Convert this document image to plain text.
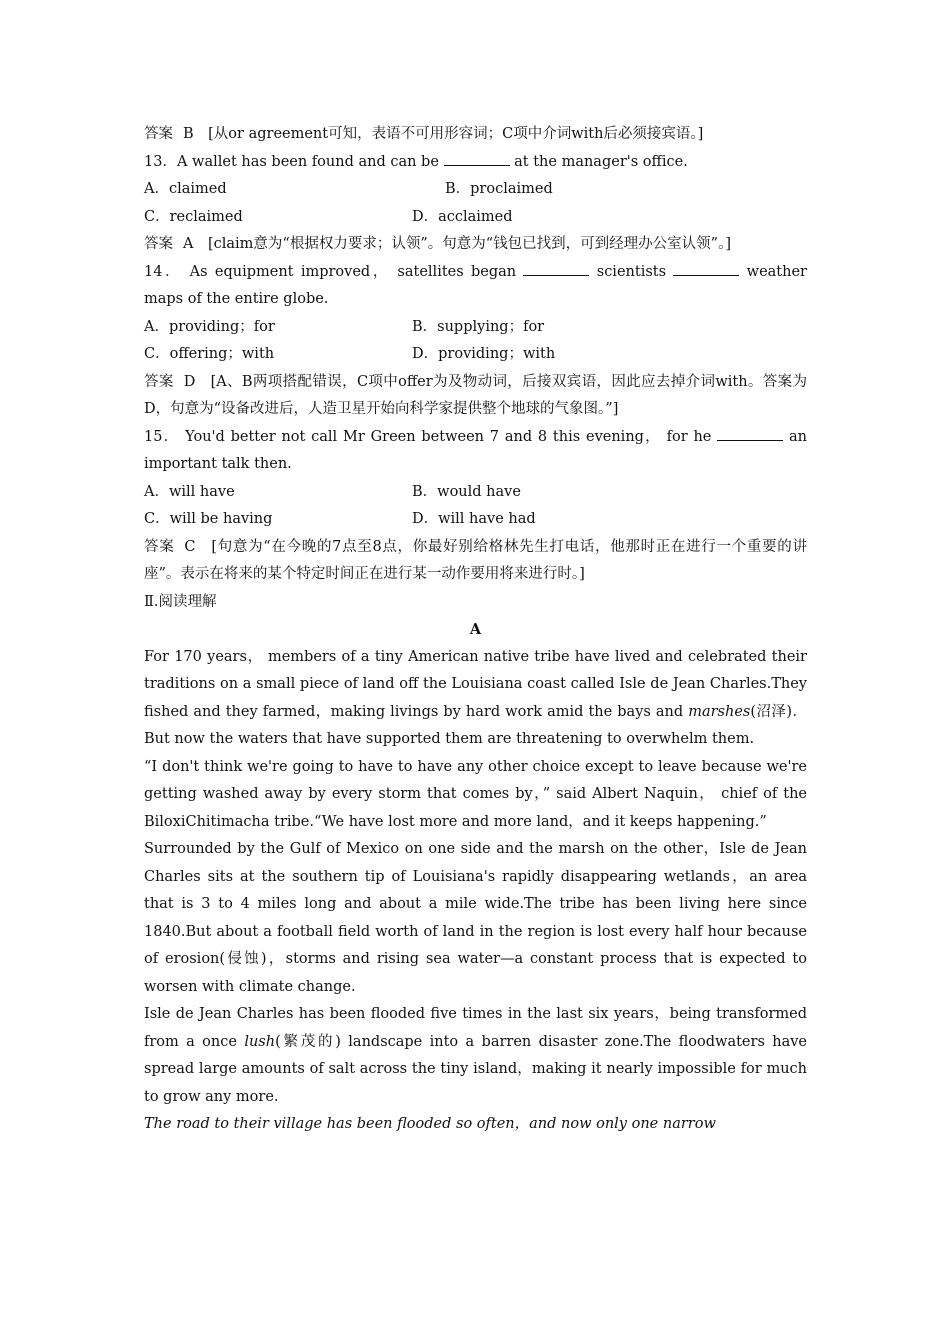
答案 B　[从or agreement可知，表语不可用形容词；C项中介词with后必须接宾语。]

13．A wallet has been found and can be	at the manager's office.

A．claimed	B．proclaimed
C．reclaimed	D．acclaimed

答案 A　[claim意为“根据权力要求；认领”。句意为“钱包已找到，可到经理办公室认领”。]

14． As equipment improved， satellites began	scientists	weather maps of the entire globe.

A．providing；for	B．supplying；for
C．offering；with	D．providing；with

答案 D　[A、B两项搭配错误，C项中offer为及物动词，后接双宾语，因此应去掉介词with。答案为D，句意为“设备改进后，人造卫星开始向科学家提供整个地球的气象图。”]

15． You'd better not call Mr Green between 7 and 8 this evening， for he	an important talk then.

A．will have	B．would have
C．will be having	D．will have had

答案 C　[句意为“在今晚的7点至8点，你最好别给格林先生打电话，他那时正在进行一个重要的讲座”。表示在将来的某个特定时间正在进行某一动作要用将来进行时。]

Ⅱ.阅读理解

A

For 170 years， members of a tiny American native tribe have lived and celebrated their traditions on a small piece of land off the Louisiana coast called Isle de Jean Charles.They fished and they farmed，making livings by hard work amid the bays and marshes(沼泽)．But now the waters that have supported them are threatening to overwhelm them.

“I don't think we're going to have to have any other choice except to leave because we're getting washed away by every storm that comes by，” said Albert Naquin， chief of the BiloxiChitimacha tribe.“We have lost more and more land，and it keeps happening.”

Surrounded by the Gulf of Mexico on one side and the marsh on the other，Isle de Jean Charles sits at the southern tip of Louisiana's rapidly disappearing wetlands，an area that is 3 to 4 miles long and about a mile wide.The tribe has been living here since 1840.But about a football field worth of land in the region is lost every half hour because of erosion(侵蚀)，storms and rising sea water—a constant process that is expected to worsen with climate change.

Isle de Jean Charles has been flooded five times in the last six years，being transformed from a once lush(繁茂的) landscape into a barren disaster zone.The floodwaters have spread large amounts of salt across the tiny island，making it nearly impossible for much to grow any more.

The road to their village has been flooded so often，and now only one narrow
